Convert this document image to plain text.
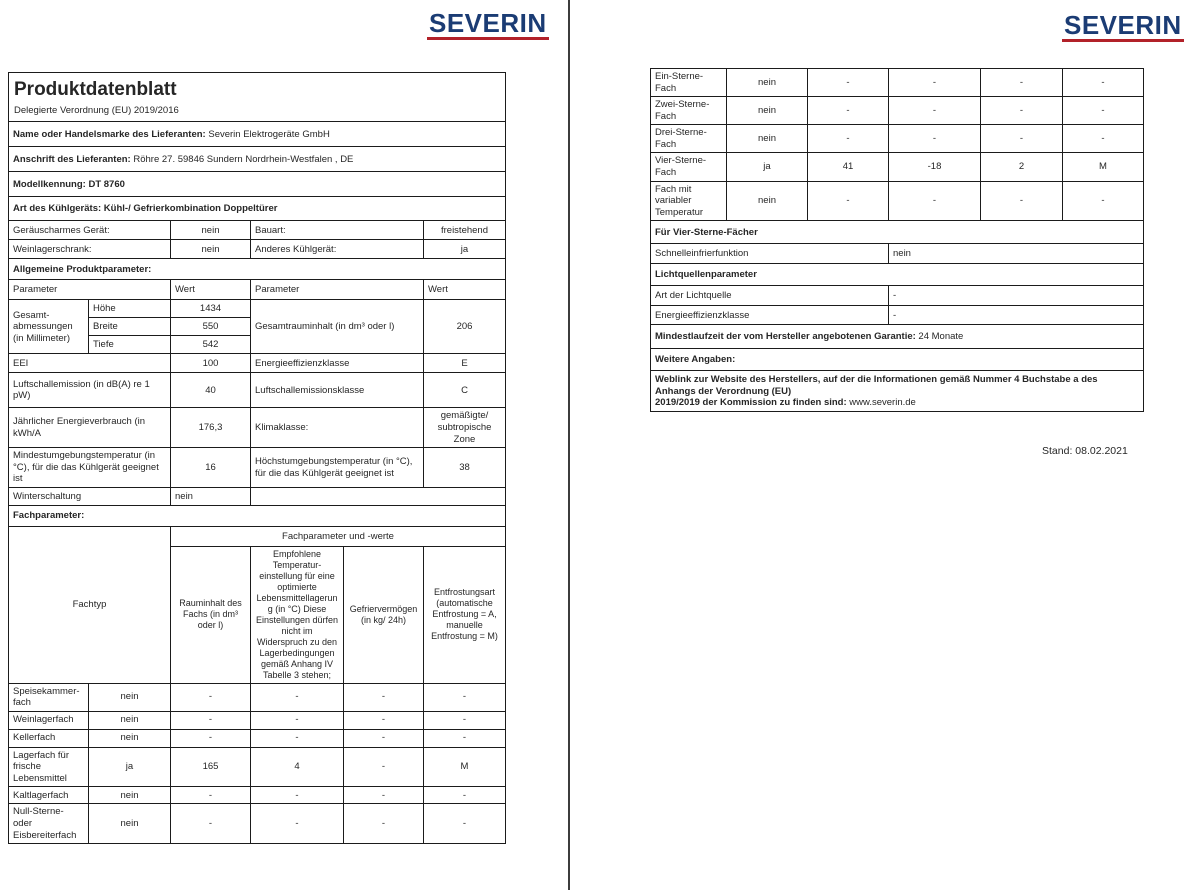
SEVERIN	SEVERIN
Produktdatenblatt
Delegierte Verordnung (EU) 2019/2016					

Name oder Handelsmarke des Lieferanten: Severin Elektrogeräte GmbH					
Anschrift des Lieferanten: Röhre 27. 59846 Sundern Nordrhein-Westfalen , DE					
Modellkennung: DT 8760					
Art des Kühlgeräts: Kühl-/ Gefrierkombination Doppeltürer					
Geräuscharmes Gerät:		nein	Bauart:		freistehend
Weinlagerschrank:		nein	Anderes Kühlgerät:		ja
Allgemeine Produktparameter:					
Parameter		Wert	Parameter		Wert
Gesamt-abmessungen (in Millimeter)	Höhe	1434	Gesamtrauminhalt (in dm³ oder l)		206
	Breite	550			
	Tiefe	542			
EEI		100	Energieeffizienzklasse		E
Luftschallemission (in dB(A) re 1 pW)		40	Luftschallemissionsklasse		C
Jährlicher Energieverbrauch (in kWh/A		176,3	Klimaklasse:		gemäßigte/ subtropische Zone
Mindestumgebungstemperatur (in °C), für die das Kühlgerät geeignet ist		16	Höchstumgebungstemperatur (in °C), für die das Kühlgerät geeignet ist		38
Winterschaltung		nein			
Fachparameter:					
Fachtyp		Fachparameter und -werte			
		Rauminhalt des Fachs (in dm³ oder l)	Empfohlene Temperatur- einstellung für eine optimierte Lebensmittellagerung (in °C) Diese Einstellungen dürfen nicht im Widerspruch zu den Lagerbedingungen gemäß Anhang IV Tabelle 3 stehen;	Gefriervermögen (in kg/ 24h)	Entfrostungsart (automatische Entfrostung = A, manuelle Entfrostung = M)
Speisekammer-fach	nein	-	-	-	-
Weinlagerfach	nein	-	-	-	-
Kellerfach	nein	-	-	-	-
Lagerfach für frische Lebensmittel	ja	165	4	-	M
Kaltlagerfach	nein	-	-	-	-
Null-Sterne- oder Eisbereiterfach	nein	-	-	-	-
Ein-Sterne-Fach	nein	-	-	-	-
Zwei-Sterne-Fach	nein	-	-	-	-
Drei-Sterne-Fach	nein	-	-	-	-
Vier-Sterne-Fach	ja	41	-18	2	M
Fach mit variabler Temperatur	nein	-	-	-	-
Für Vier-Sterne-Fächer					
Schnelleinfrierfunktion			nein		
Lichtquellenparameter					
Art der Lichtquelle			-		
Energieeffizienzklasse			-		
Mindestlaufzeit der vom Hersteller angebotenen Garantie: 24 Monate					
Weitere Angaben:					
Weblink zur Website des Herstellers, auf der die Informationen gemäß Nummer 4 Buchstabe a des Anhangs der Verordnung (EU)
2019/2019 der Kommission zu finden sind: www.severin.de					
Stand: 08.02.2021
